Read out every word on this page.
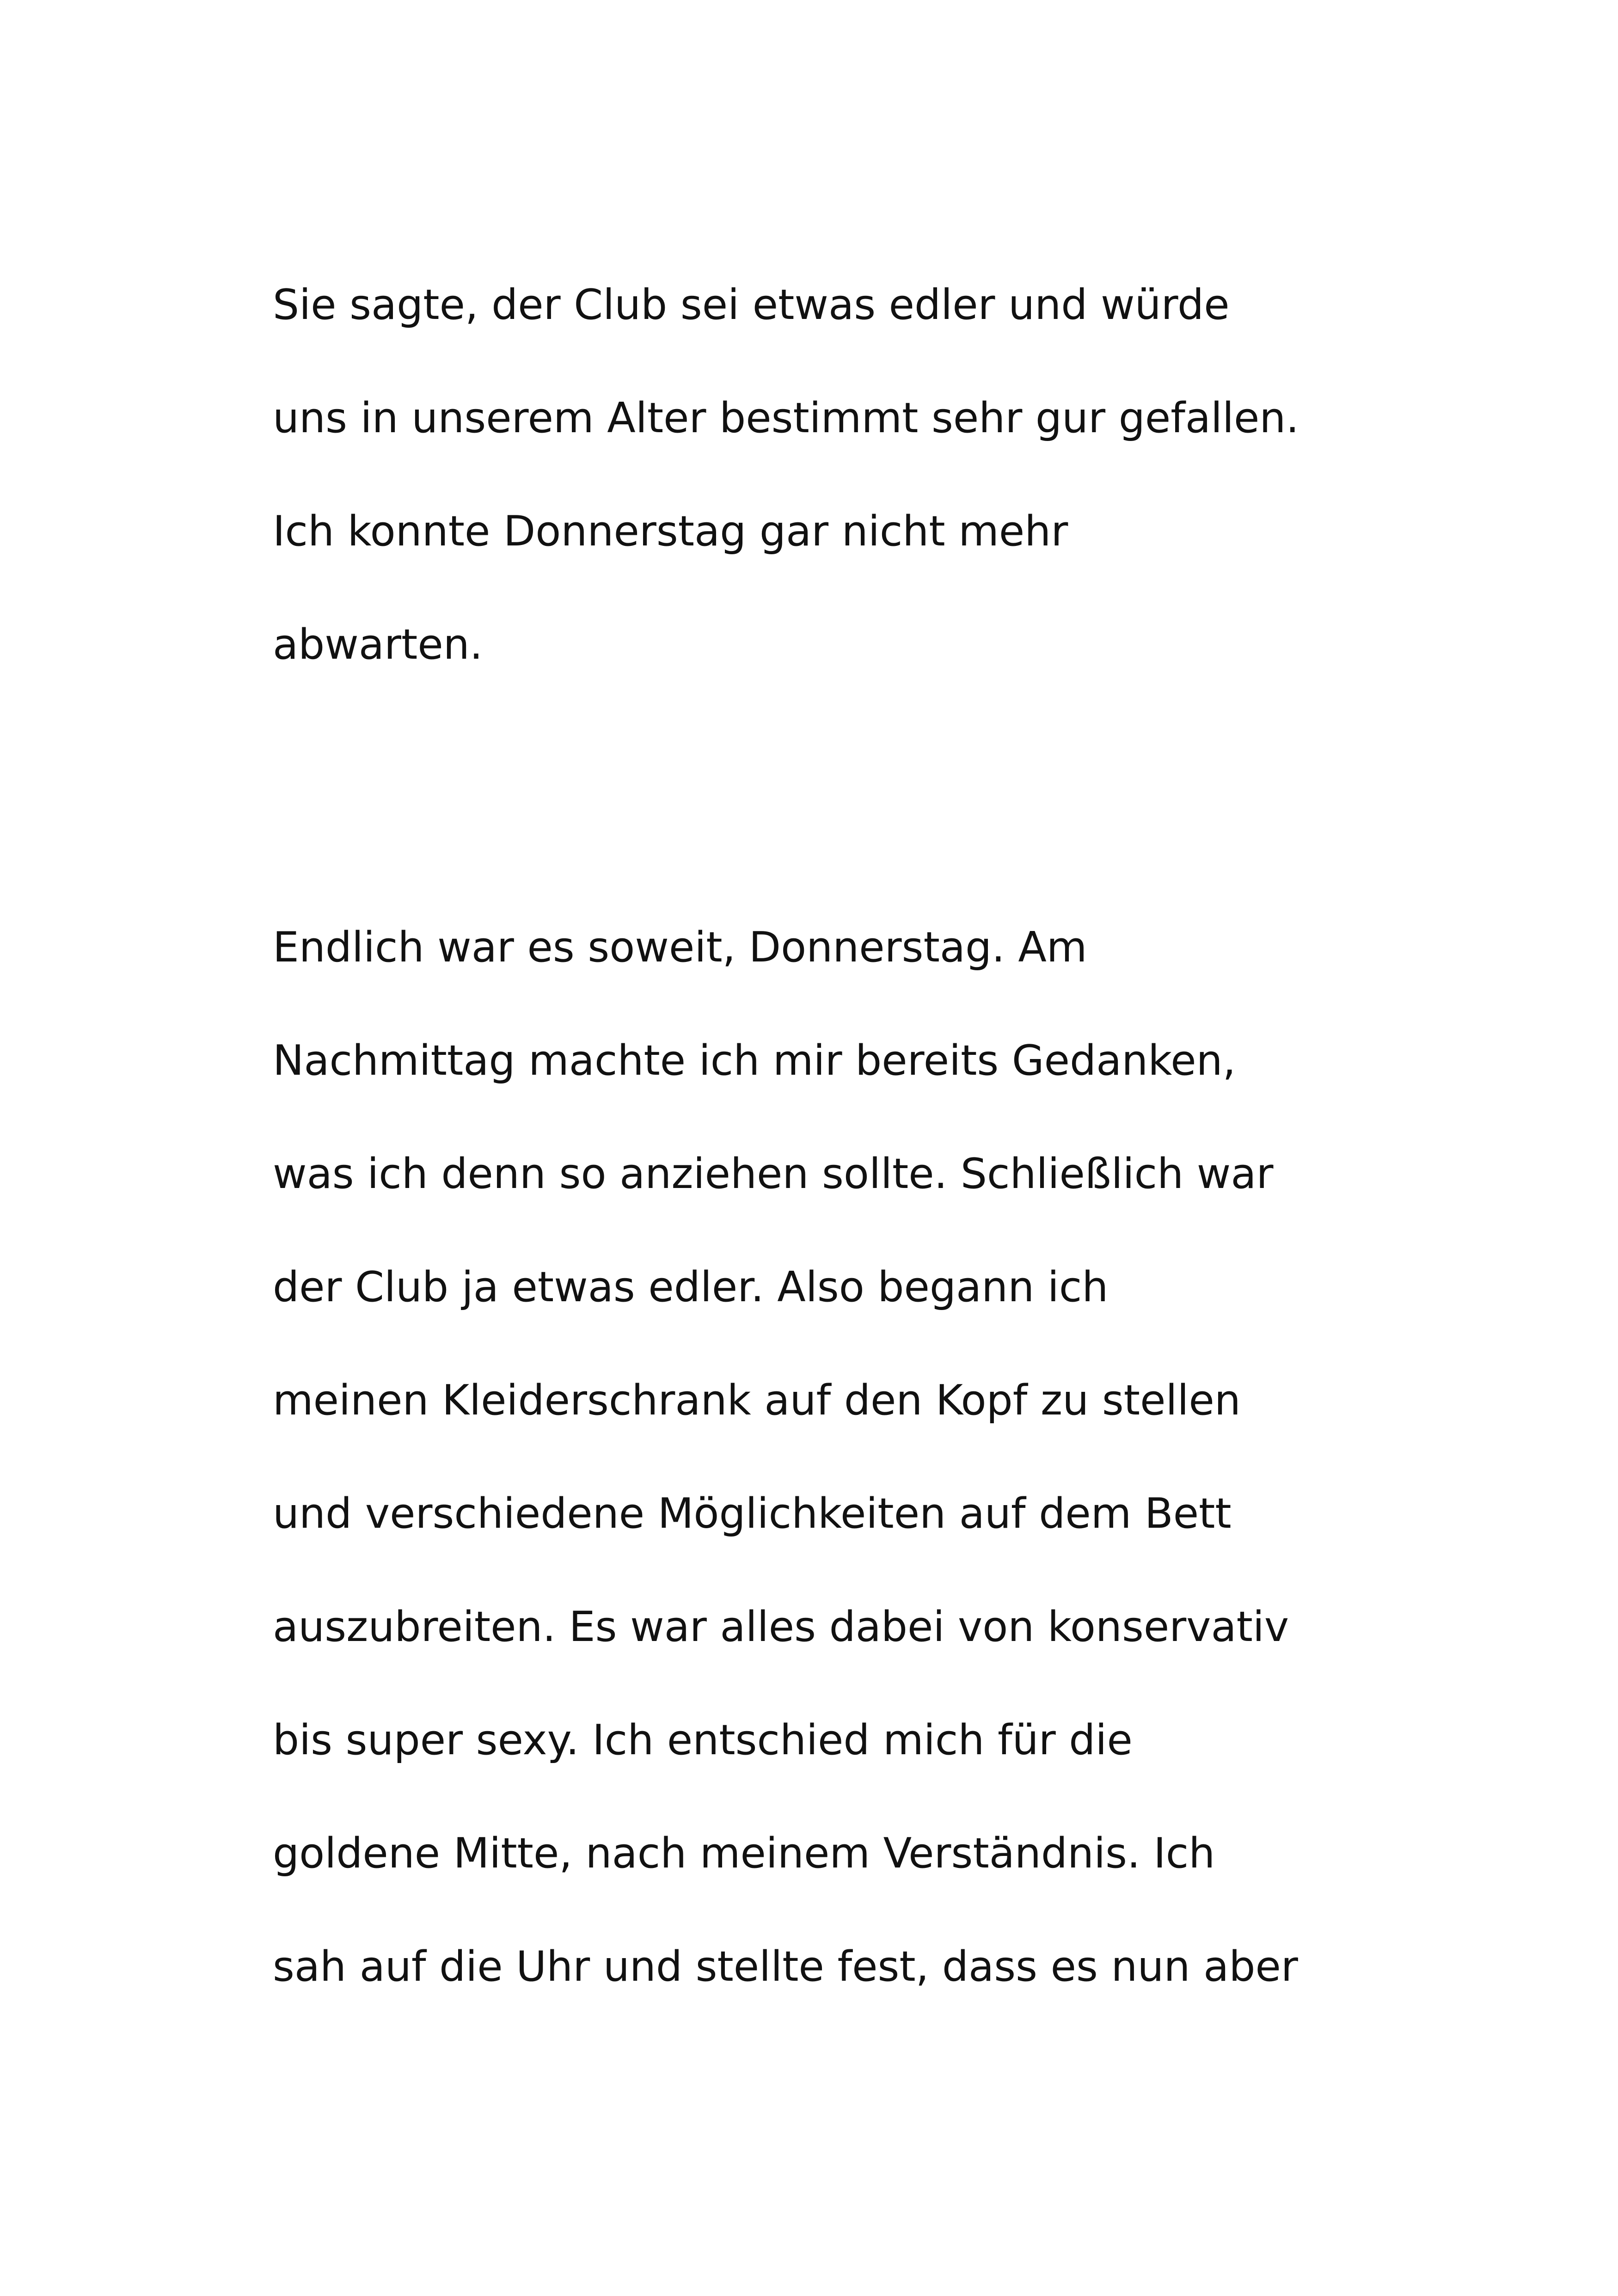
Sie sagte, der Club sei etwas edler und würde

uns in unserem Alter bestimmt sehr gur gefallen.

Ich konnte Donnerstag gar nicht mehr

abwarten.

Endlich war es soweit, Donnerstag. Am

Nachmittag machte ich mir bereits Gedanken,

was ich denn so anziehen sollte. Schließlich war

der Club ja etwas edler. Also begann ich

meinen Kleiderschrank auf den Kopf zu stellen

und verschiedene Möglichkeiten auf dem Bett

auszubreiten. Es war alles dabei von konservativ

bis super sexy. Ich entschied mich für die

goldene Mitte, nach meinem Verständnis. Ich

sah auf die Uhr und stellte fest, dass es nun aber
